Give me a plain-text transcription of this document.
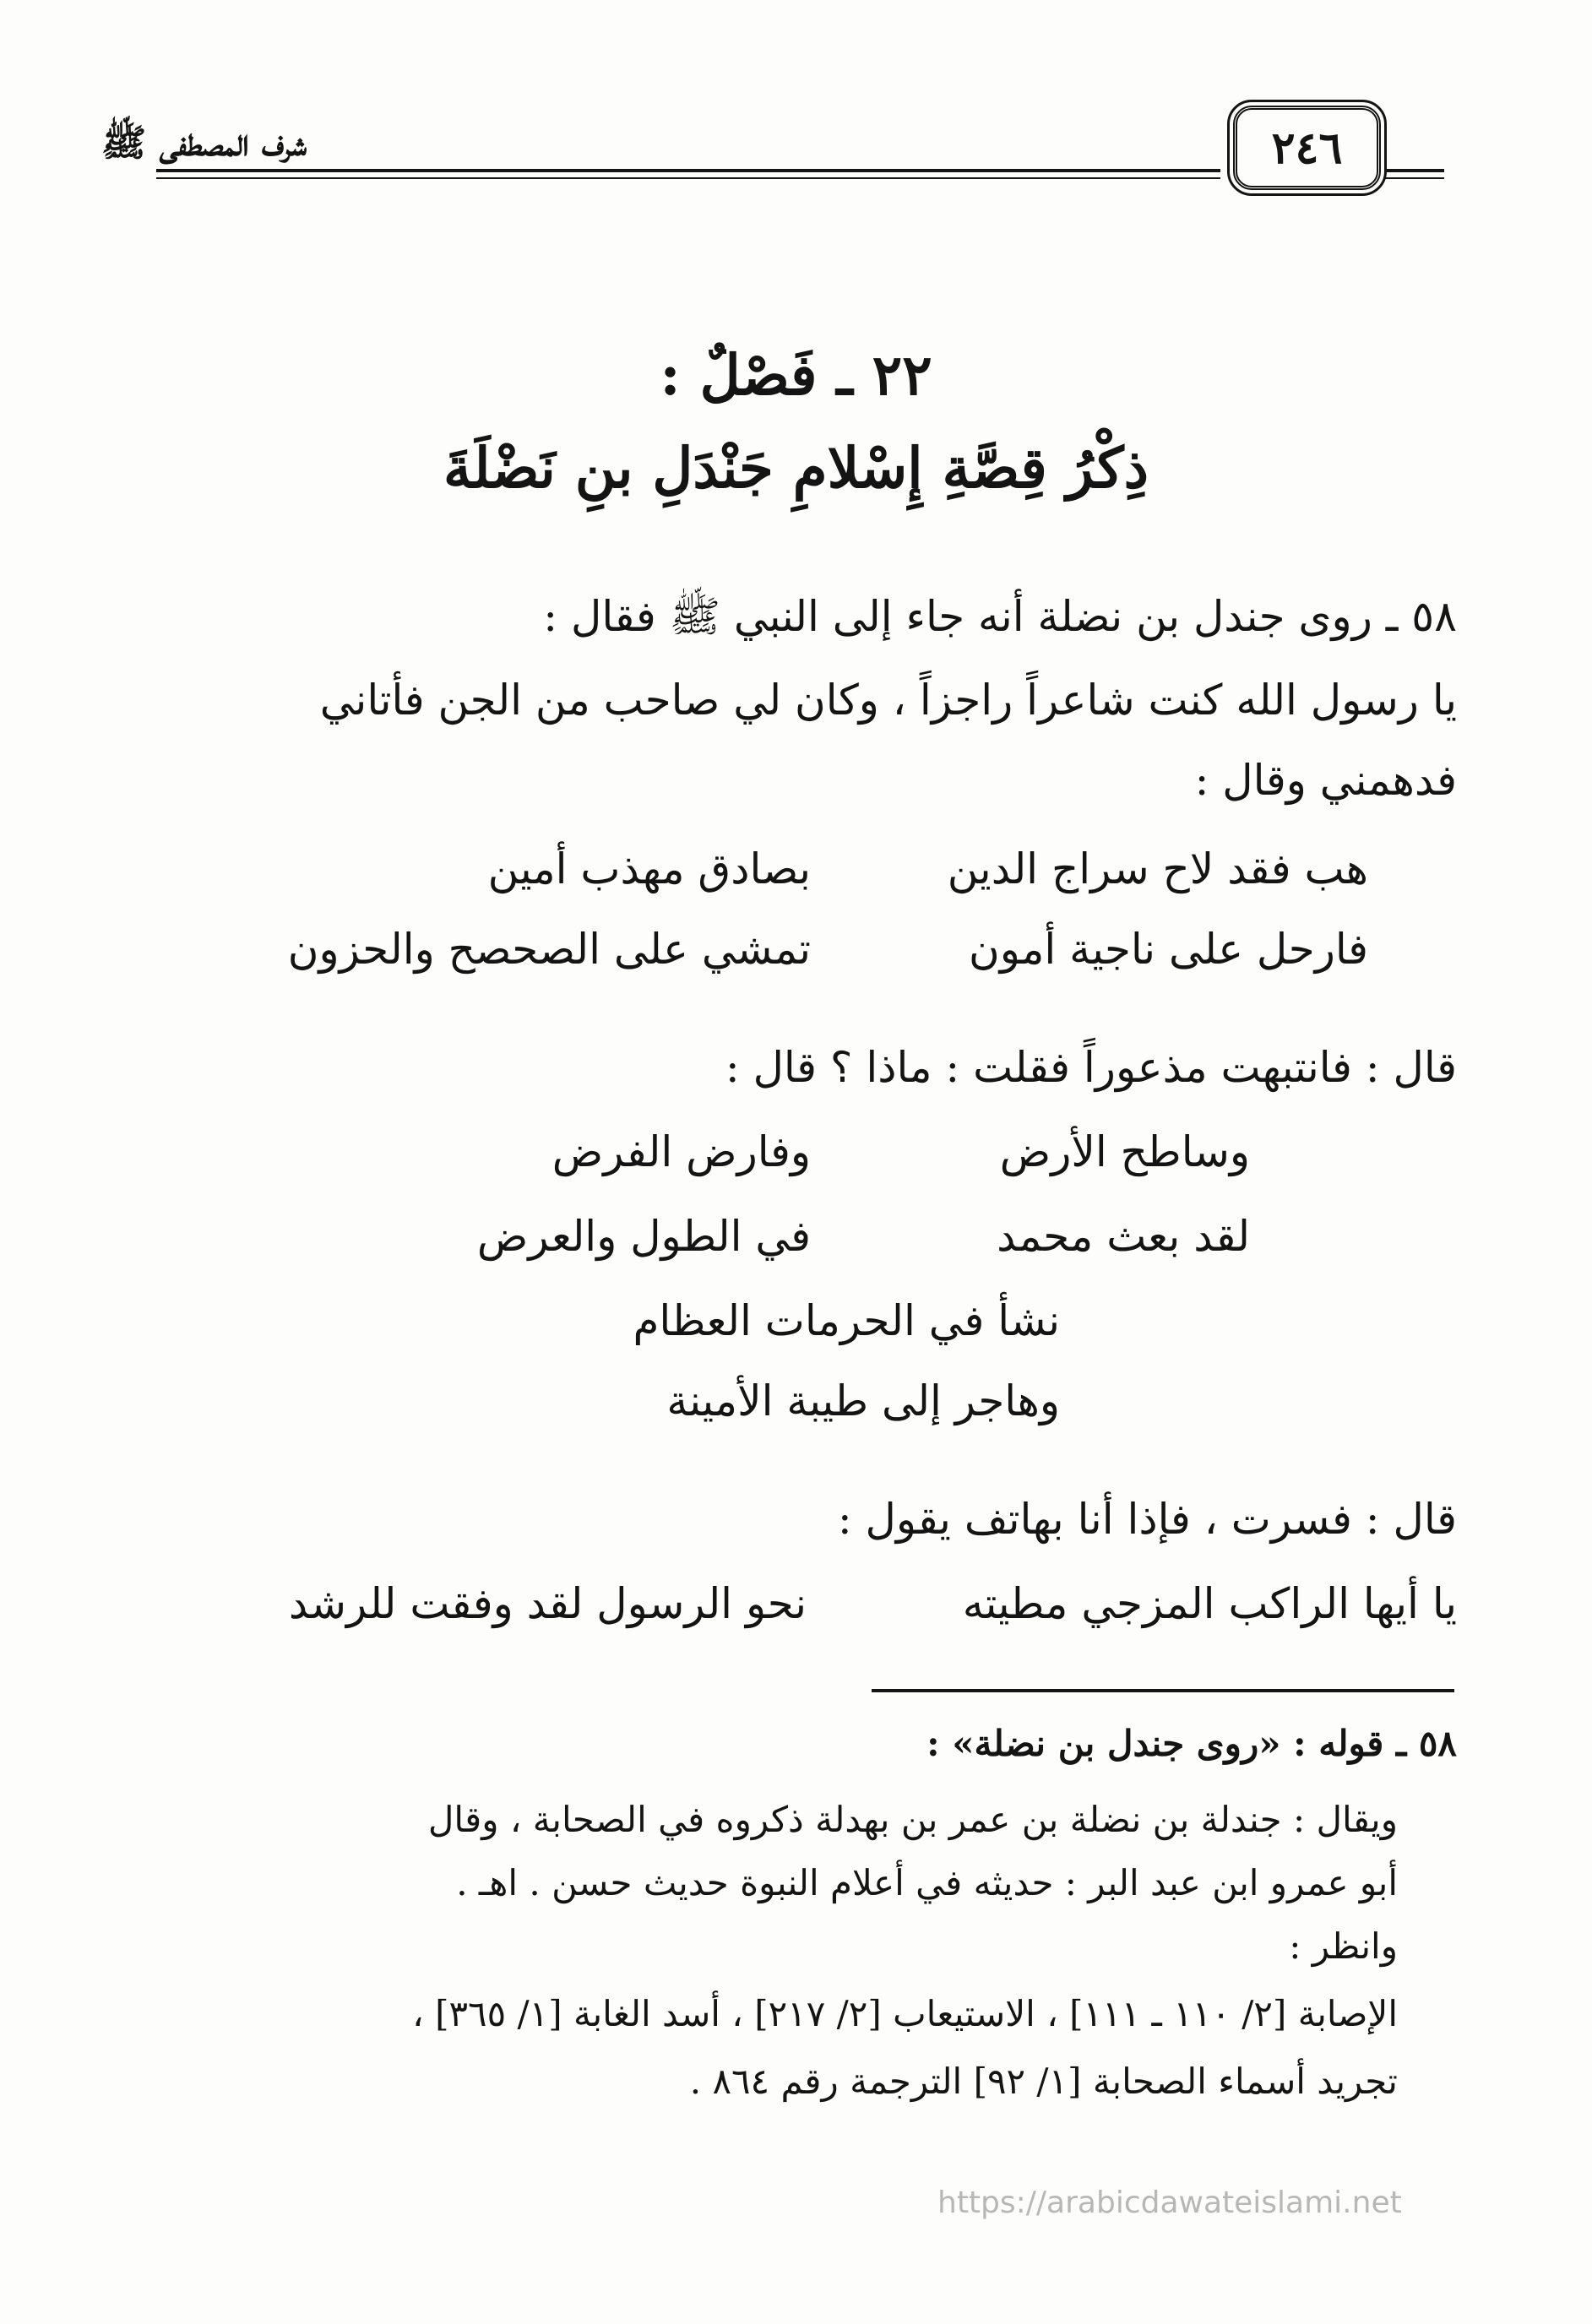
شرف المصطفى ﷺ	٢٤٦
٢٢ ـ فَصْلٌ :
ذِكْرُ قِصَّةِ إِسْلامِ جَنْدَلِ بنِ نَضْلَةَ
٥٨ ـ روى جندل بن نضلة أنه جاء إلى النبي ﷺ فقال :
يا رسول الله كنت شاعراً راجزاً ، وكان لي صاحب من الجن فأتاني
فدهمني وقال :
هب فقد لاح سراج الدين
بصادق مهذب أمين
فارحل على ناجية أمون
تمشي على الصحصح والحزون
قال : فانتبهت مذعوراً فقلت : ماذا ؟ قال :
وساطح الأرض
وفارض الفرض
لقد بعث محمد
في الطول والعرض
نشأ في الحرمات العظام
وهاجر إلى طيبة الأمينة
قال : فسرت ، فإذا أنا بهاتف يقول :
يا أيها الراكب المزجي مطيته
نحو الرسول لقد وفقت للرشد
٥٨ ـ قوله : «روى جندل بن نضلة» :
ويقال : جندلة بن نضلة بن عمر بن بهدلة ذكروه في الصحابة ، وقال
أبو عمرو ابن عبد البر : حديثه في أعلام النبوة حديث حسن . اهـ .
وانظر :
الإصابة [٢/ ١١٠ ـ ١١١] ، الاستيعاب [٢/ ٢١٧] ، أسد الغابة [١/ ٣٦٥] ،
تجريد أسماء الصحابة [١/ ٩٢] الترجمة رقم ٨٦٤ .
https://arabicdawateislami.net
